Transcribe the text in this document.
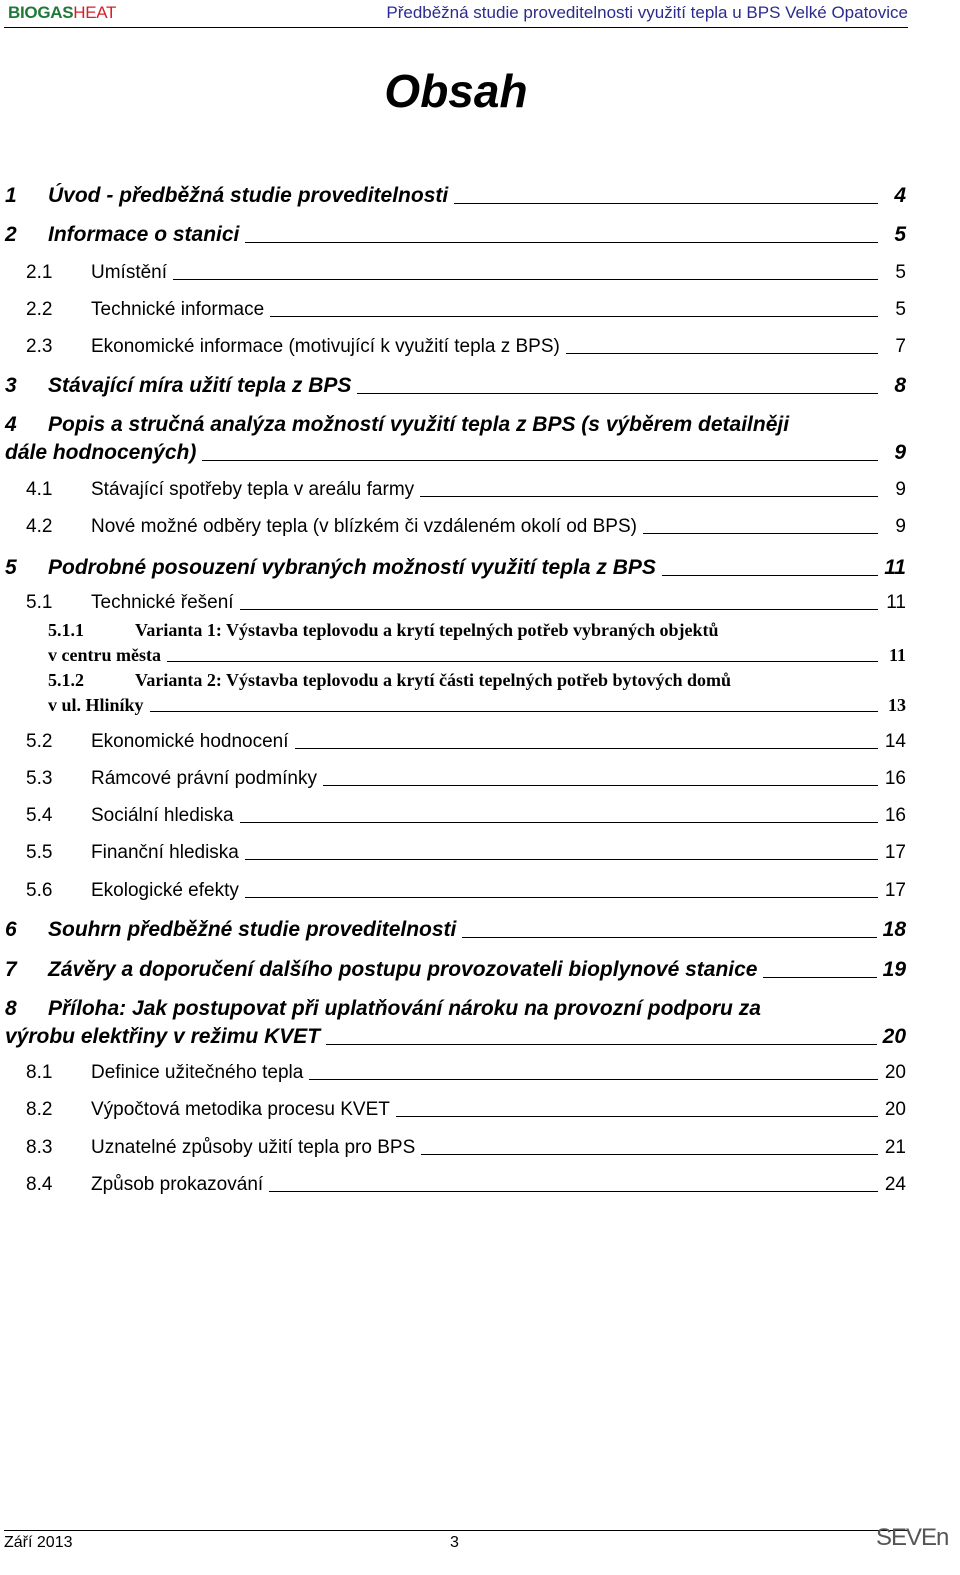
BIOGASHEAT	Předběžná studie proveditelnosti využití tepla u BPS Velké Opatovice
Obsah
1 Úvod - předběžná studie proveditelnosti	4
2 Informace o stanici	5
2.1 Umístění	5
2.2 Technické informace	5
2.3 Ekonomické informace (motivující k využití tepla z BPS)	7
3 Stávající míra užití tepla z BPS	8
4 Popis a stručná analýza možností využití tepla z BPS (s výběrem detailněji
dále hodnocených)	9
4.1 Stávající spotřeby tepla v areálu farmy	9
4.2 Nové možné odběry tepla (v blízkém či vzdáleném okolí od BPS)	9
5 Podrobné posouzení vybraných možností využití tepla z BPS	11
5.1 Technické řešení	11
5.1.1	Varianta 1: Výstavba teplovodu a krytí tepelných potřeb vybraných objektů
v centru města	11
5.1.2	Varianta 2: Výstavba teplovodu a krytí části tepelných potřeb bytových domů
v ul. Hliníky	13
5.2 Ekonomické hodnocení	14
5.3 Rámcové právní podmínky	16
5.4 Sociální hlediska	16
5.5 Finanční hlediska	17
5.6 Ekologické efekty	17
6 Souhrn předběžné studie proveditelnosti	18
7 Závěry a doporučení dalšího postupu provozovateli bioplynové stanice	19
8 Příloha: Jak postupovat při uplatňování nároku na provozní podporu za
výrobu elektřiny v režimu KVET	20
8.1 Definice užitečného tepla	20
8.2 Výpočtová metodika procesu KVET	20
8.3 Uznatelné způsoby užití tepla pro BPS	21
8.4 Způsob prokazování	24
Září 2013	3	SEVEn
